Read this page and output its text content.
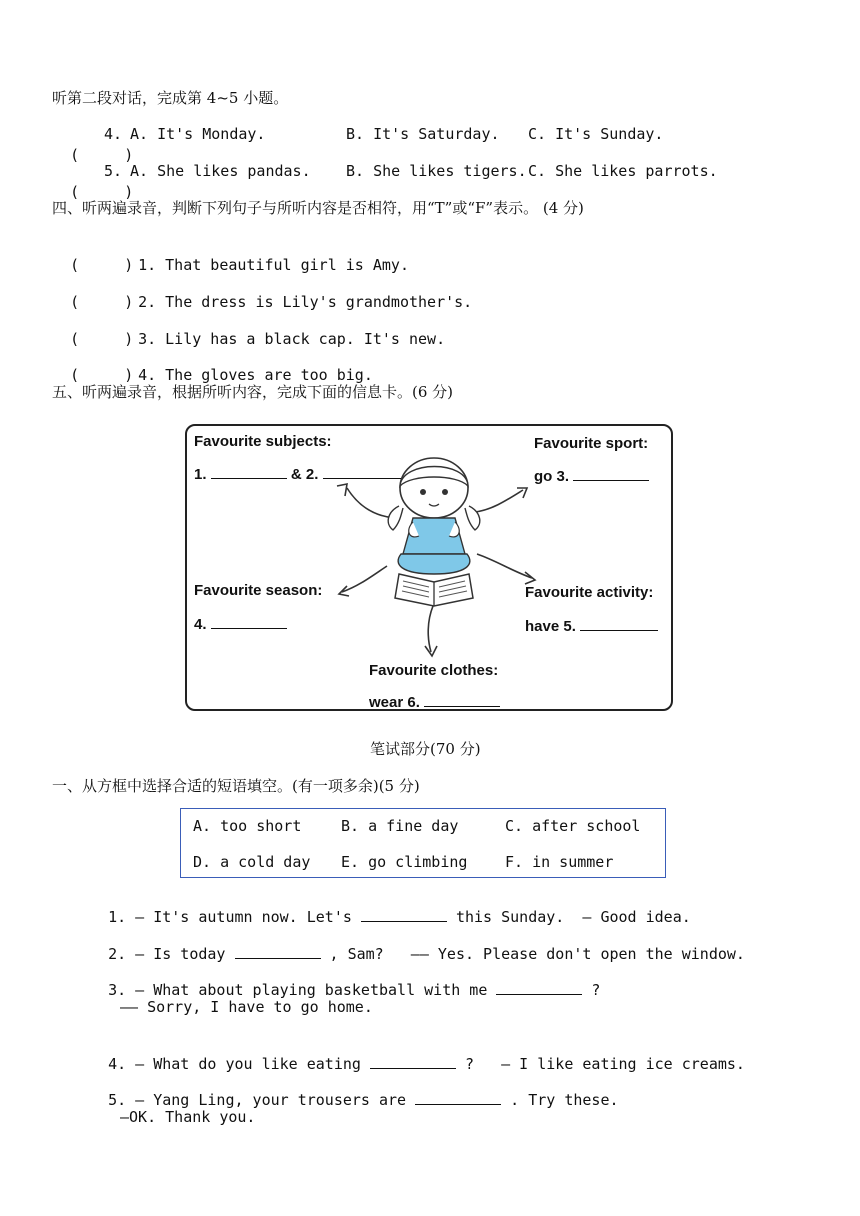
听第二段对话，完成第 4~5 小题。

(     )

4. A. It's Monday.	B. It's Saturday. C. It's Sunday.

(     )

5. A. She likes pandas. B. She likes tigers. C. She likes parrots.
四、听两遍录音，判断下列句子与所听内容是否相符，用“T”或“F”表示。 (4 分)

(     ) 1. That beautiful girl is Amy.

(     ) 2. The dress is Lily's grandmother's.

(     ) 3. Lily has a black cap. It's new.

(     ) 4. The gloves are too big.

五、听两遍录音，根据所听内容，完成下面的信息卡。(6 分)
Favourite subjects:
1.	& 2.
Favourite sport:
go 3.
Favourite season:
4.
Favourite activity:
have 5.
Favourite clothes:
wear 6.
笔试部分(70 分)
一、从方框中选择合适的短语填空。(有一项多余)(5 分)
A. too short	B. a fine day	C. after school
D. a cold day E. go climbing	F. in summer

1. — It's autumn now. Let's	this Sunday.  — Good idea.

2. — Is today	, Sam?   —— Yes. Please don't open the window.

3. — What about playing basketball with me	?

—— Sorry, I have to go home.

4. — What do you like eating	?   — I like eating ice creams.

5. — Yang Ling, your trousers are	. Try these.

—OK. Thank you.
